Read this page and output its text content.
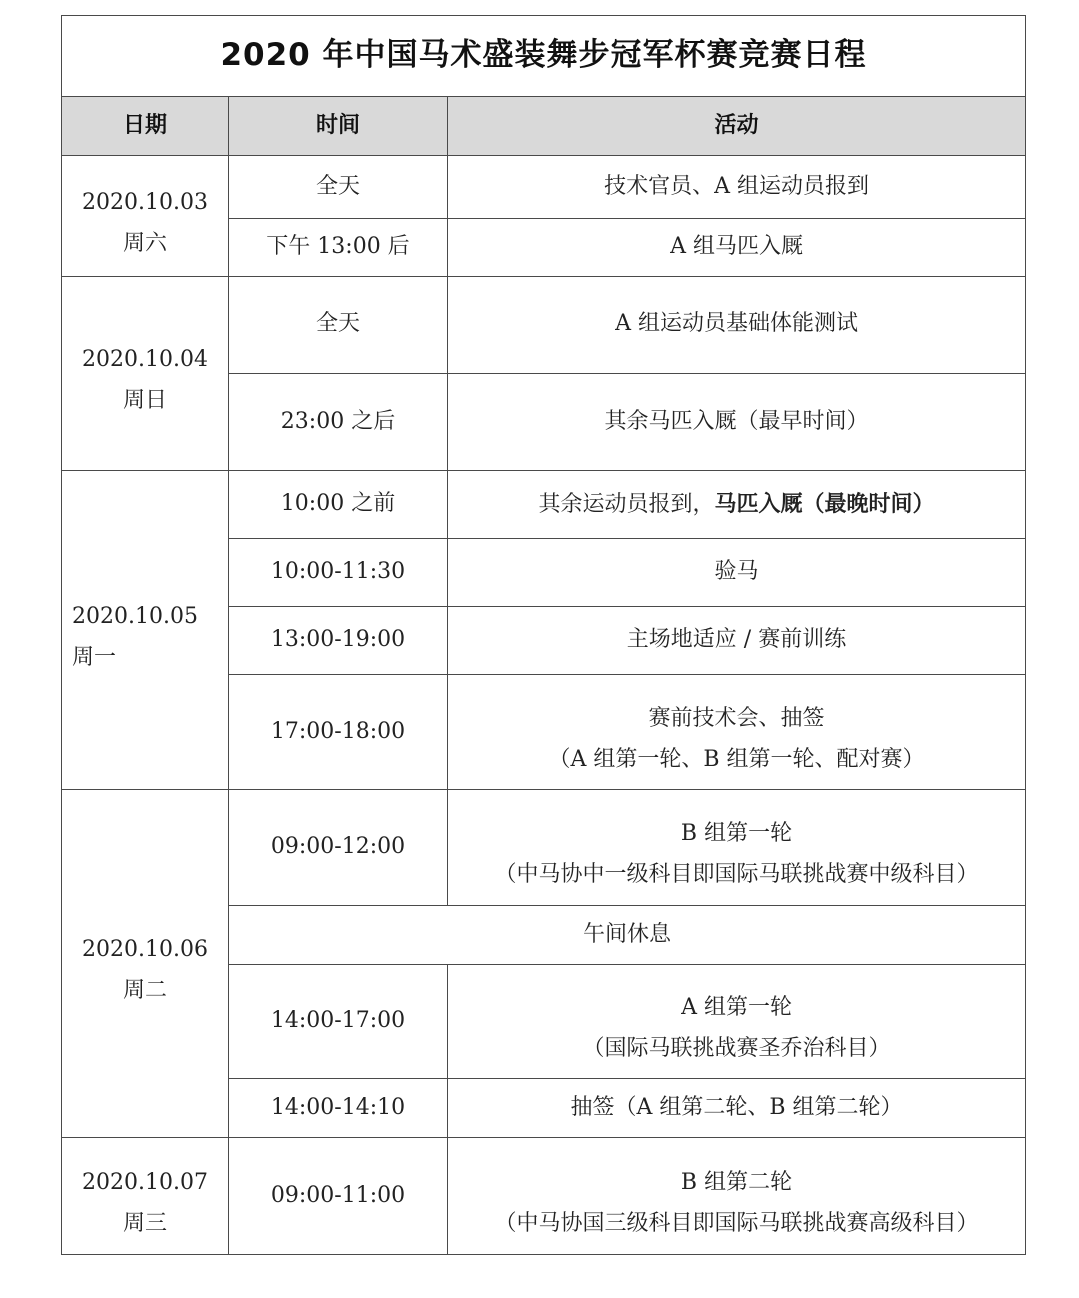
2020 年中国马术盛装舞步冠军杯赛竞赛日程		
日期	时间	活动

2020.10.03
周六	全天	技术官员、A 组运动员报到
	下午 13:00 后	A 组马匹入厩

2020.10.04
周日	全天	A 组运动员基础体能测试
	23:00 之后	其余马匹入厩（最早时间）

2020.10.05
周一	10:00 之前	其余运动员报到，马匹入厩（最晚时间）
	10:00-11:30	验马
	13:00-19:00	主场地适应 / 赛前训练
	17:00-18:00	赛前技术会、抽签
（A 组第一轮、B 组第一轮、配对赛）

2020.10.06
周二	09:00-12:00	B 组第一轮
（中马协中一级科目即国际马联挑战赛中级科目）

	午间休息	
	14:00-17:00	A 组第一轮
（国际马联挑战赛圣乔治科目）

	14:00-14:10	抽签（A 组第二轮、B 组第二轮）

2020.10.07
周三	09:00-11:00	B 组第二轮
（中马协国三级科目即国际马联挑战赛高级科目）
